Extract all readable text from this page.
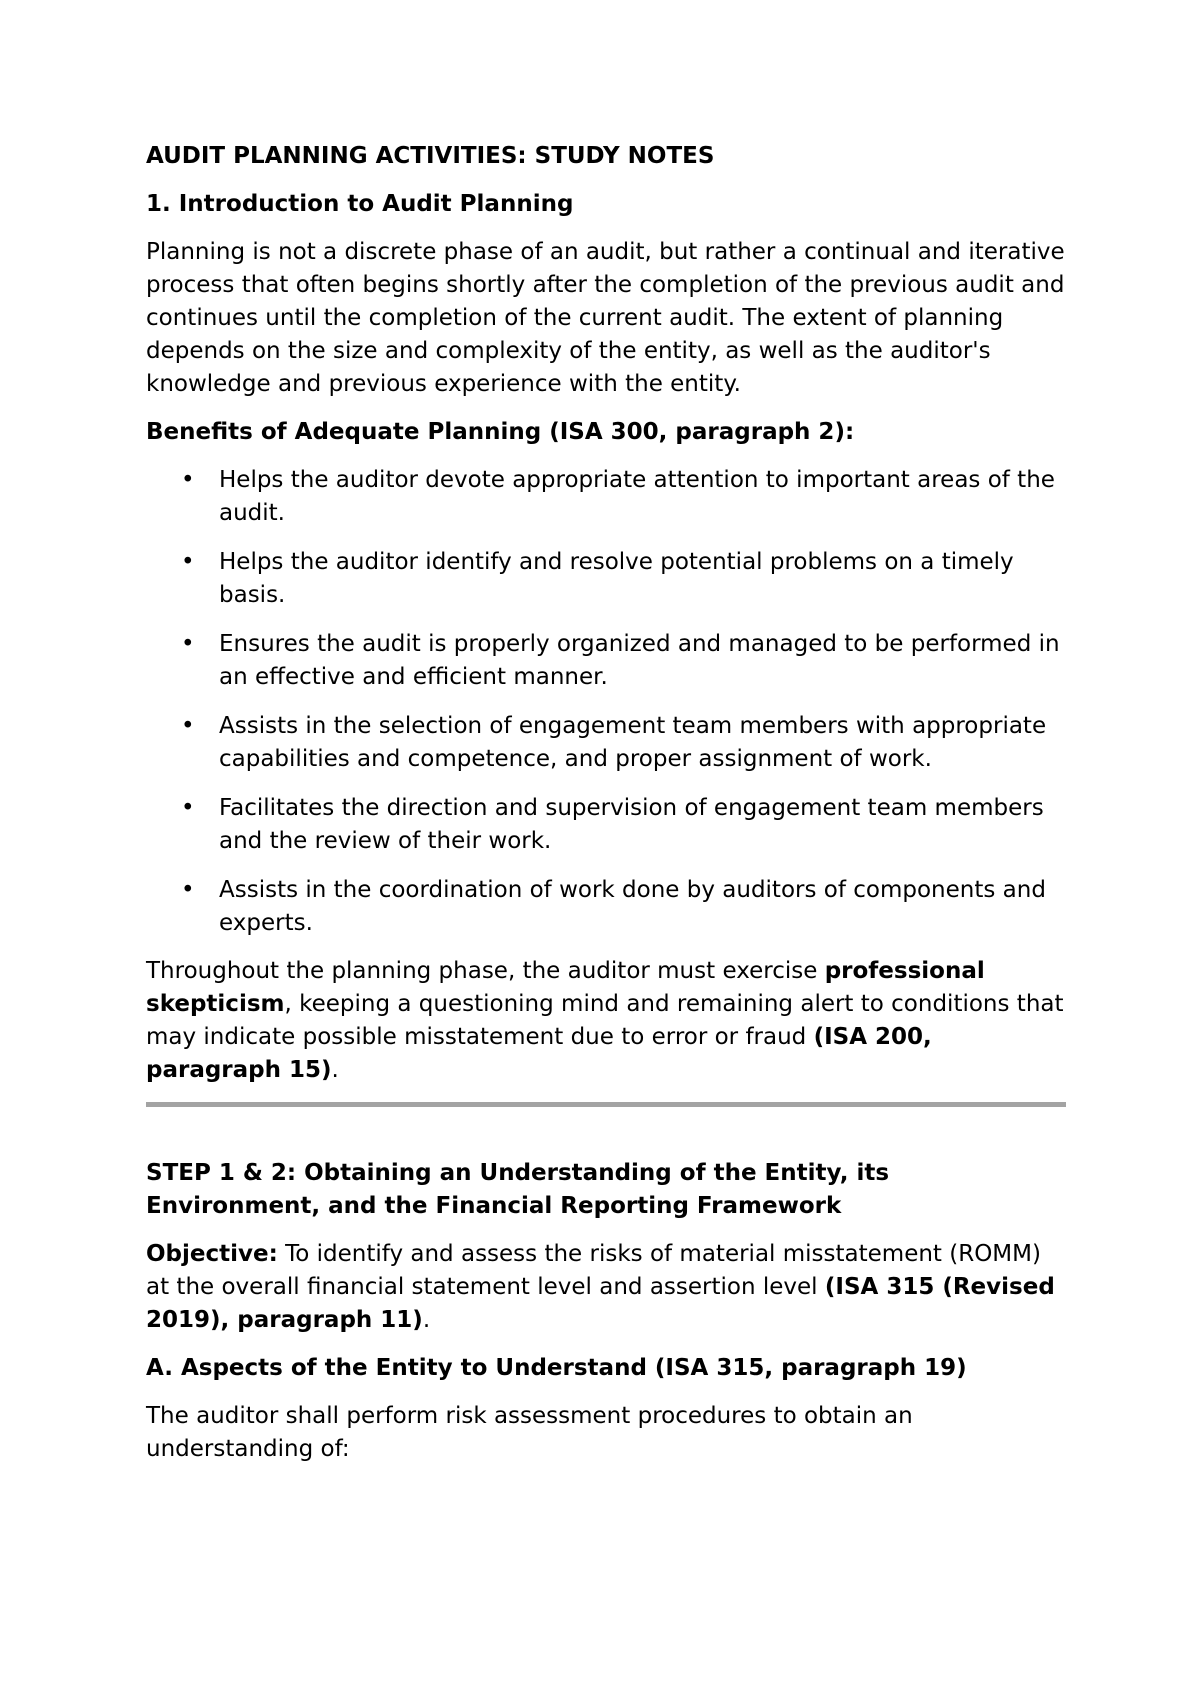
AUDIT PLANNING ACTIVITIES: STUDY NOTES
1. Introduction to Audit Planning

Planning is not a discrete phase of an audit, but rather a continual and iterative process that often begins shortly after the completion of the previous audit and continues until the completion of the current audit. The extent of planning depends on the size and complexity of the entity, as well as the auditor's knowledge and previous experience with the entity.

Benefits of Adequate Planning (ISA 300, paragraph 2):

• Helps the auditor devote appropriate attention to important areas of the audit.
• Helps the auditor identify and resolve potential problems on a timely basis.
• Ensures the audit is properly organized and managed to be performed in an effective and efficient manner.
• Assists in the selection of engagement team members with appropriate capabilities and competence, and proper assignment of work.
• Facilitates the direction and supervision of engagement team members and the review of their work.
• Assists in the coordination of work done by auditors of components and experts.

Throughout the planning phase, the auditor must exercise professional skepticism, keeping a questioning mind and remaining alert to conditions that may indicate possible misstatement due to error or fraud (ISA 200, paragraph 15).

STEP 1 & 2: Obtaining an Understanding of the Entity, its Environment, and the Financial Reporting Framework

Objective: To identify and assess the risks of material misstatement (ROMM) at the overall financial statement level and assertion level (ISA 315 (Revised 2019), paragraph 11).

A. Aspects of the Entity to Understand (ISA 315, paragraph 19)

The auditor shall perform risk assessment procedures to obtain an understanding of:
